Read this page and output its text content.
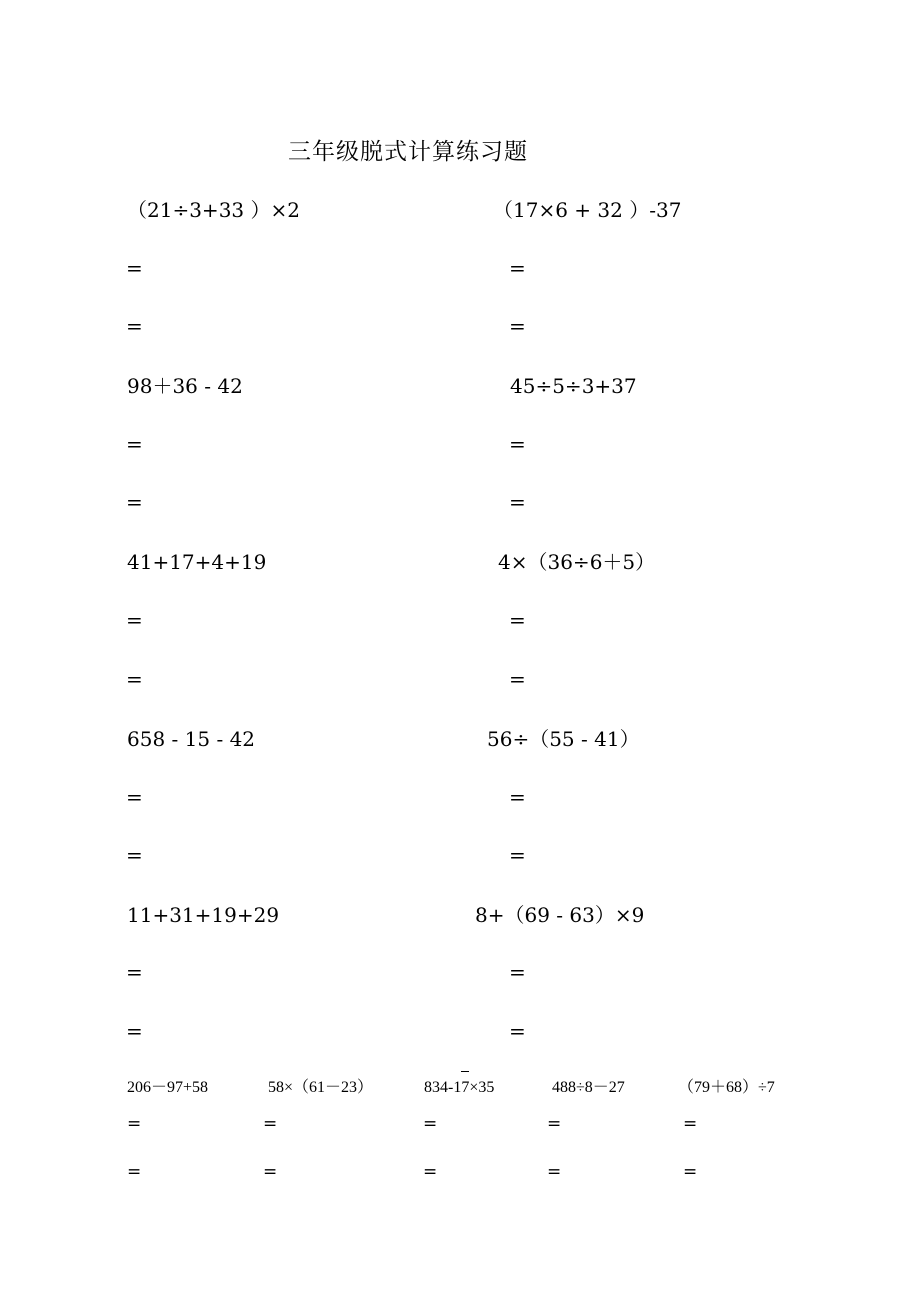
三年级脱式计算练习题
（21÷3+33 ）×2
=
=
（17×6 + 32 ）-37
=
=
98＋36 - 42
=
=
45÷5÷3+37
=
=
41+17+4+19
=
=
4×（36÷6＋5）
=
=
658 - 15 - 42
=
=
56÷（55 - 41）
=
=
11+31+19+29
=
=
8+（69 - 63）×9
=
=
206－97+58
=
=
58×（61－23）
=
=
834-17×35
=
=
488÷8－27
=
=
（79＋68）÷7
=
=
